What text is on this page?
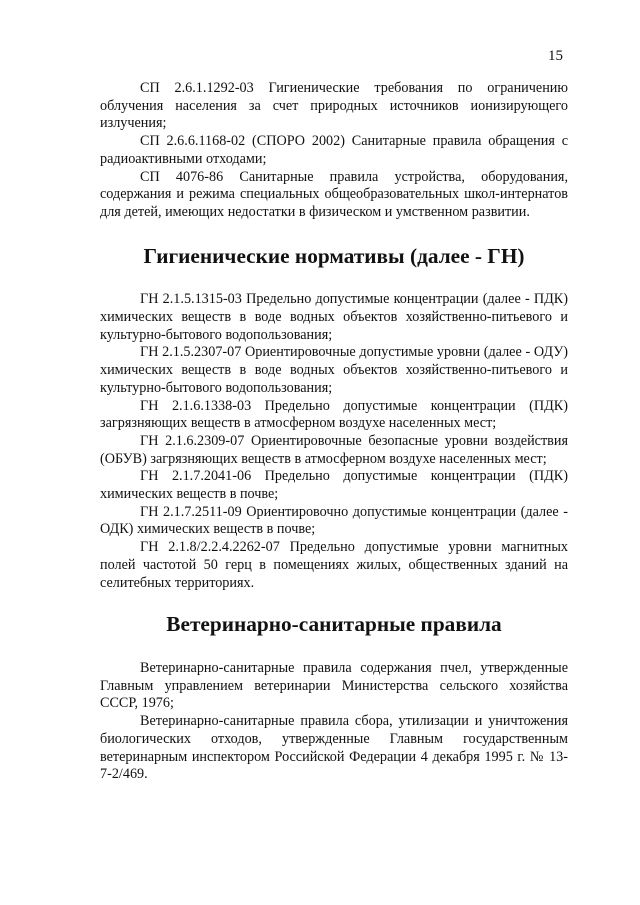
15

СП 2.6.1.1292-03 Гигиенические требования по ограничению облучения населения за счет природных источников ионизирующего излучения;

СП 2.6.6.1168-02 (СПОРО 2002) Санитарные правила обращения с радиоактивными отходами;

СП 4076-86 Санитарные правила устройства, оборудования, содержания и режима специальных общеобразовательных школ-интернатов для детей, имеющих недостатки в физическом и умственном развитии.

Гигиенические нормативы (далее - ГН)

ГН 2.1.5.1315-03 Предельно допустимые концентрации (далее - ПДК) химических веществ в воде водных объектов хозяйственно-питьевого и культурно-бытового водопользования;

ГН 2.1.5.2307-07 Ориентировочные допустимые уровни (далее - ОДУ) химических веществ в воде водных объектов хозяйственно-питьевого и культурно-бытового водопользования;

ГН 2.1.6.1338-03 Предельно допустимые концентрации (ПДК) загрязняющих веществ в атмосферном воздухе населенных мест;

ГН 2.1.6.2309-07 Ориентировочные безопасные уровни воздействия (ОБУВ) загрязняющих веществ в атмосферном воздухе населенных мест;

ГН 2.1.7.2041-06 Предельно допустимые концентрации (ПДК) химических веществ в почве;

ГН 2.1.7.2511-09 Ориентировочно допустимые концентрации (далее - ОДК) химических веществ в почве;

ГН 2.1.8/2.2.4.2262-07 Предельно допустимые уровни магнитных полей частотой 50 герц в помещениях жилых, общественных зданий на селитебных территориях.

Ветеринарно-санитарные правила

Ветеринарно-санитарные правила содержания пчел, утвержденные Главным управлением ветеринарии Министерства сельского хозяйства СССР, 1976;

Ветеринарно-санитарные правила сбора, утилизации и уничтожения биологических отходов, утвержденные Главным государственным ветеринарным инспектором Российской Федерации 4 декабря 1995 г. № 13-7-2/469.
